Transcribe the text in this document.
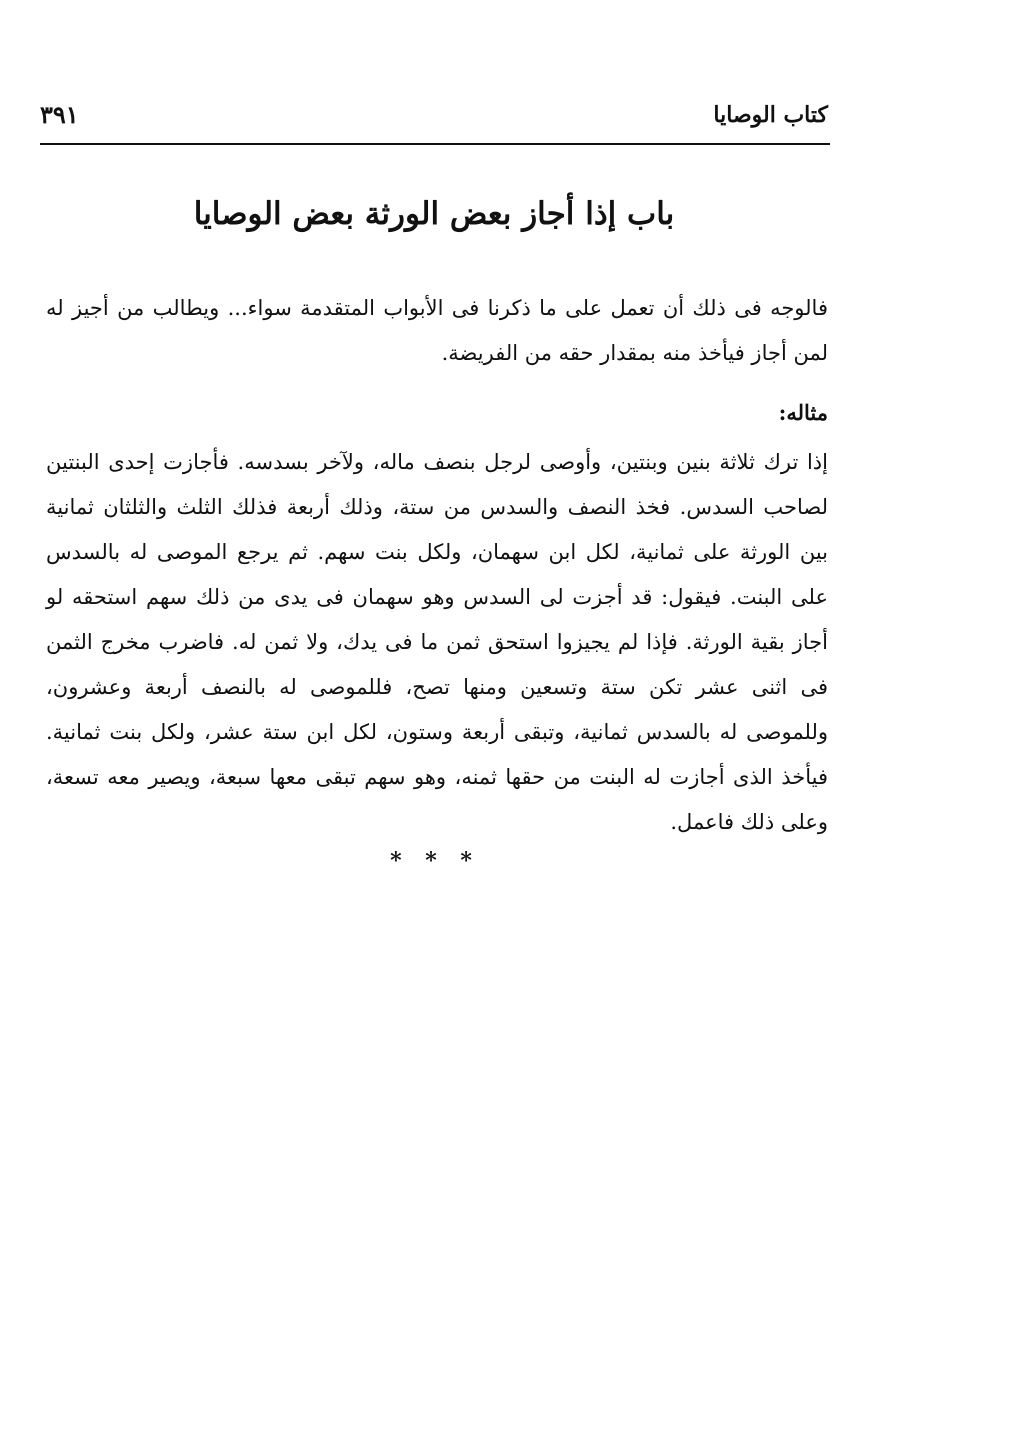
كتاب الوصايا
٣٩١
باب إذا أجاز بعض الورثة بعض الوصايا
فالوجه فى ذلك أن تعمل على ما ذكرنا فى الأبواب المتقدمة سواء... ويطالب من أجيز له لمن أجاز فيأخذ منه بمقدار حقه من الفريضة.
مثاله:
إذا ترك ثلاثة بنين وبنتين، وأوصى لرجل بنصف ماله، ولآخر بسدسه. فأجازت إحدى البنتين لصاحب السدس. فخذ النصف والسدس من ستة، وذلك أربعة فذلك الثلث والثلثان ثمانية بين الورثة على ثمانية، لكل ابن سهمان، ولكل بنت سهم. ثم يرجع الموصى له بالسدس على البنت. فيقول: قد أجزت لى السدس وهو سهمان فى يدى من ذلك سهم استحقه لو أجاز بقية الورثة. فإذا لم يجيزوا استحق ثمن ما فى يدك، ولا ثمن له. فاضرب مخرج الثمن فى اثنى عشر تكن ستة وتسعين ومنها تصح، فللموصى له بالنصف أربعة وعشرون، وللموصى له بالسدس ثمانية، وتبقى أربعة وستون، لكل ابن ستة عشر، ولكل بنت ثمانية. فيأخذ الذى أجازت له البنت من حقها ثمنه، وهو سهم تبقى معها سبعة، ويصير معه تسعة، وعلى ذلك فاعمل.
* * *
